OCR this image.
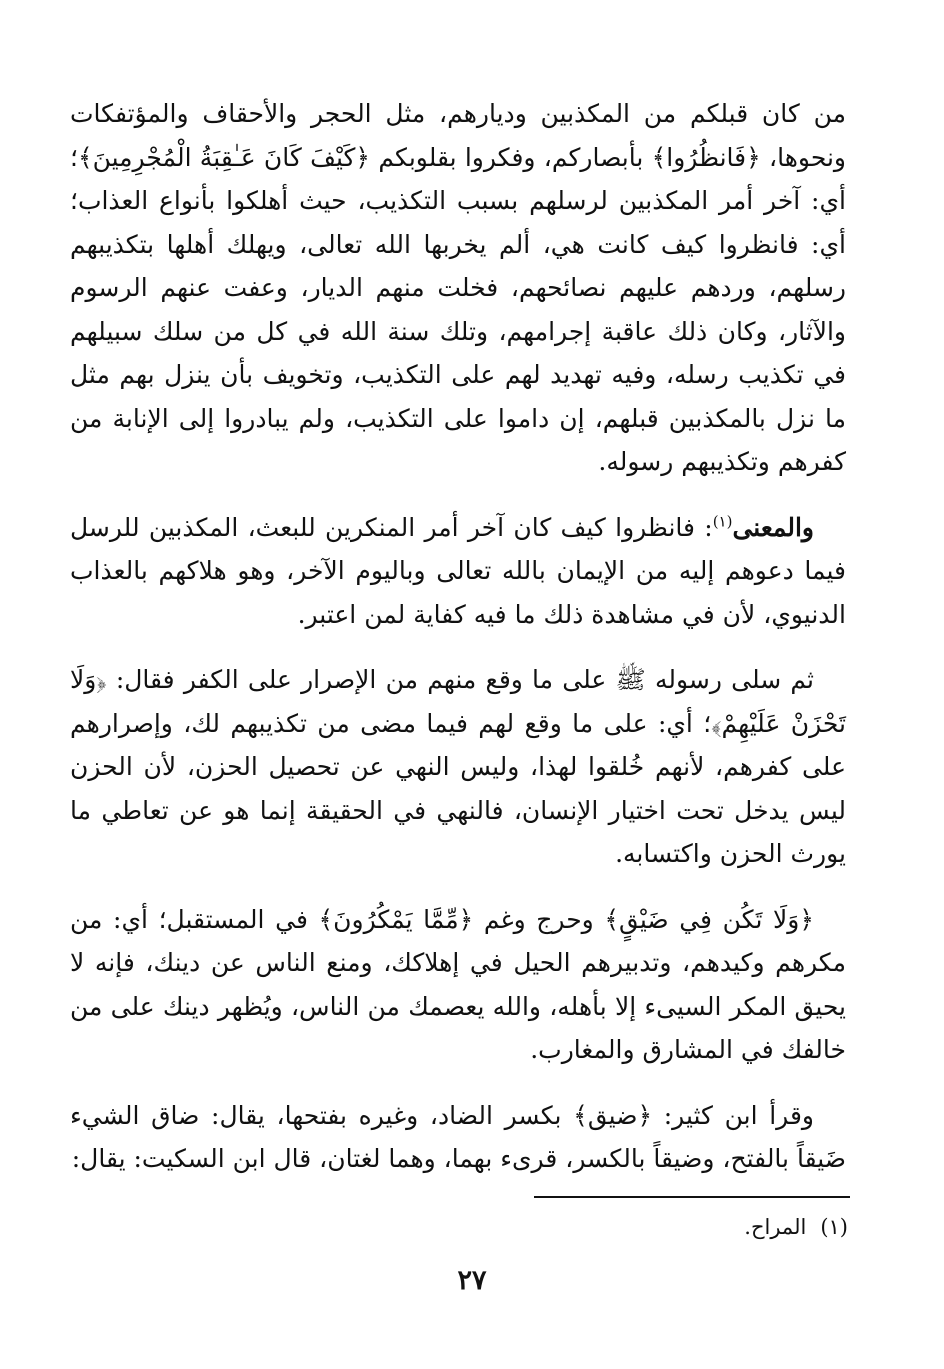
من كان قبلكم من المكذبين وديارهم، مثل الحجر والأحقاف والمؤتفكات ونحوها، ﴿فَانظُرُوا﴾ بأبصاركم، وفكروا بقلوبكم ﴿كَيْفَ كَانَ عَـٰقِبَةُ الْمُجْرِمِينَ﴾؛ أي: آخر أمر المكذبين لرسلهم بسبب التكذيب، حيث أهلكوا بأنواع العذاب؛ أي: فانظروا كيف كانت هي، ألم يخربها الله تعالى، ويهلك أهلها بتكذيبهم رسلهم، وردهم عليهم نصائحهم، فخلت منهم الديار، وعفت عنهم الرسوم والآثار، وكان ذلك عاقبة إجرامهم، وتلك سنة الله في كل من سلك سبيلهم في تكذيب رسله، وفيه تهديد لهم على التكذيب، وتخويف بأن ينزل بهم مثل ما نزل بالمكذبين قبلهم، إن داموا على التكذيب، ولم يبادروا إلى الإنابة من كفرهم وتكذيبهم رسوله.

والمعنى$^{(١)}$: فانظروا كيف كان آخر أمر المنكرين للبعث، المكذبين للرسل فيما دعوهم إليه من الإيمان بالله تعالى وباليوم الآخر، وهو هلاكهم بالعذاب الدنيوي، لأن في مشاهدة ذلك ما فيه كفاية لمن اعتبر.

ثم سلى رسوله ﷺ على ما وقع منهم من الإصرار على الكفر فقال: ﴿وَلَا تَحْزَنْ عَلَيْهِمْ﴾؛ أي: على ما وقع لهم فيما مضى من تكذيبهم لك، وإصرارهم على كفرهم، لأنهم خُلقوا لهذا، وليس النهي عن تحصيل الحزن، لأن الحزن ليس يدخل تحت اختيار الإنسان، فالنهي في الحقيقة إنما هو عن تعاطي ما يورث الحزن واكتسابه.

﴿وَلَا تَكُن فِي ضَيْقٍ﴾ وحرج وغم ﴿مِّمَّا يَمْكُرُونَ﴾ في المستقبل؛ أي: من مكرهم وكيدهم، وتدبيرهم الحيل في إهلاكك، ومنع الناس عن دينك، فإنه لا يحيق المكر السيىء إلا بأهله، والله يعصمك من الناس، ويُظهر دينك على من خالفك في المشارق والمغارب.

وقرأ ابن كثير: ﴿ضيق﴾ بكسر الضاد، وغيره بفتحها، يقال: ضاق الشيء ضَيقاً بالفتح، وضيقاً بالكسر، قرىء بهما، وهما لغتان، قال ابن السكيت: يقال:

(١)المراح.
٢٧
